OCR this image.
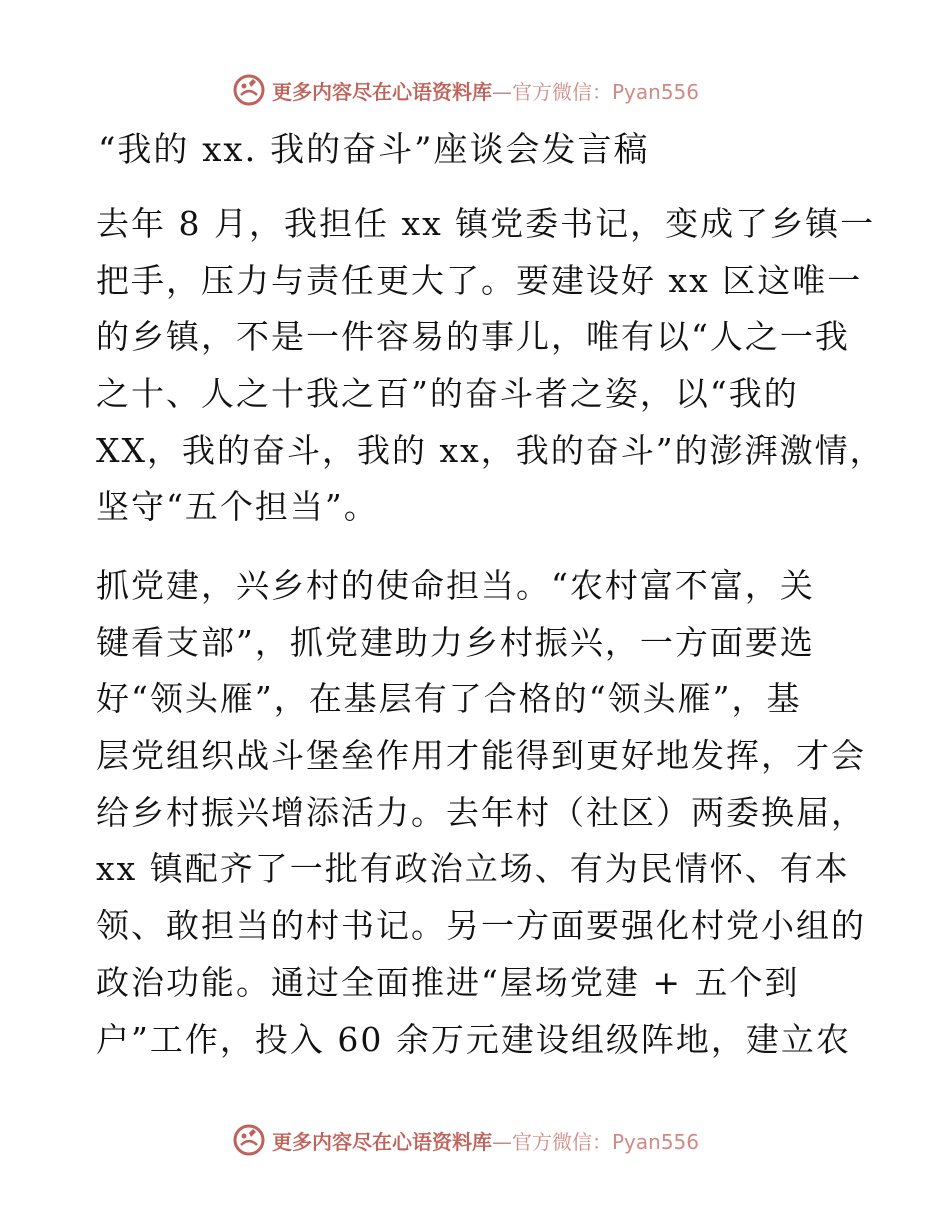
更多内容尽在心语资料库—官方微信：Pyan556
“我的 xx. 我的奋斗”座谈会发言稿
去年 8 月，我担任 xx 镇党委书记，变成了乡镇一
把手，压力与责任更大了。要建设好 xx 区这唯一
的乡镇，不是一件容易的事儿，唯有以“人之一我
之十、人之十我之百”的奋斗者之姿，以“我的
XX，我的奋斗，我的 xx，我的奋斗”的澎湃激情，
坚守“五个担当”。
抓党建，兴乡村的使命担当。“农村富不富，关
键看支部”，抓党建助力乡村振兴，一方面要选
好“领头雁”，在基层有了合格的“领头雁”，基
层党组织战斗堡垒作用才能得到更好地发挥，才会
给乡村振兴增添活力。去年村（社区）两委换届，
xx 镇配齐了一批有政治立场、有为民情怀、有本
领、敢担当的村书记。另一方面要强化村党小组的
政治功能。通过全面推进“屋场党建 + 五个到
户”工作，投入 60 余万元建设组级阵地，建立农
更多内容尽在心语资料库—官方微信：Pyan556
